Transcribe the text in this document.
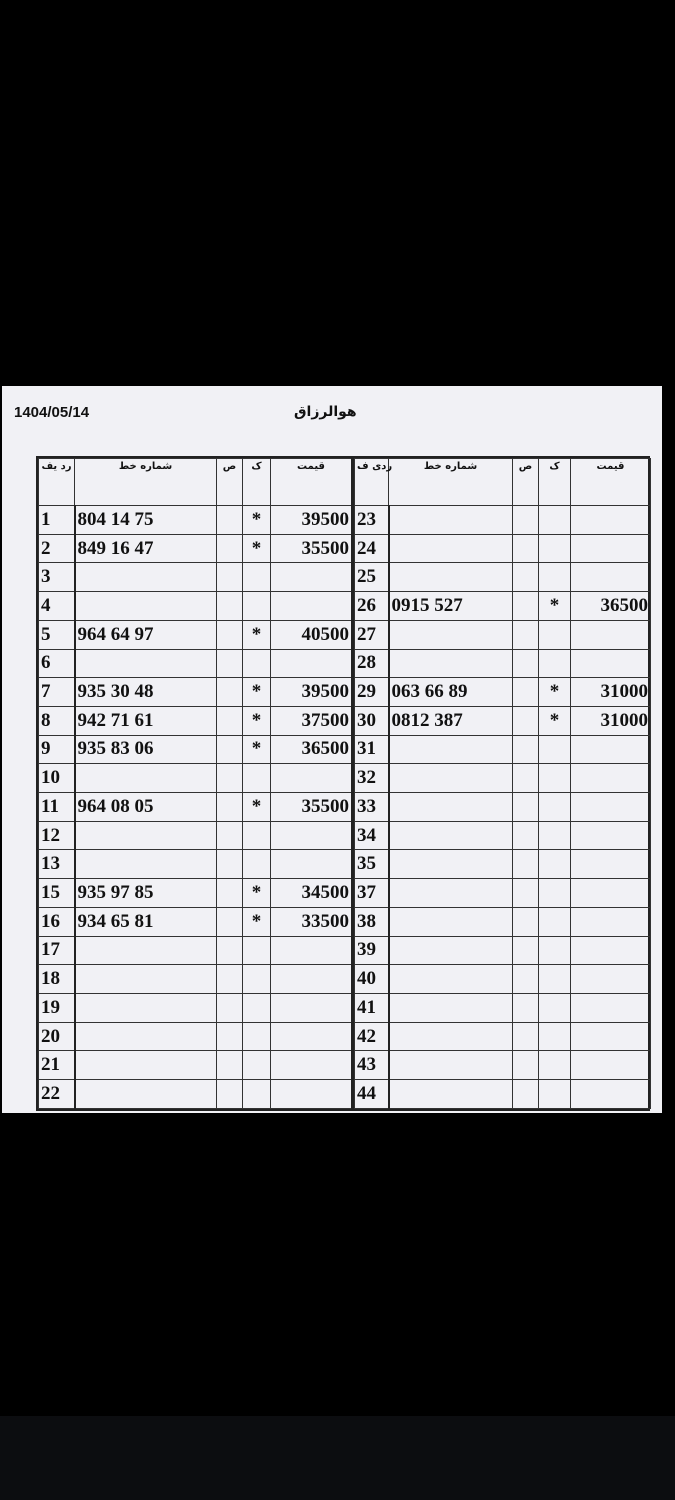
1404/05/14	هوالرزاق
رد یف	شماره خط	ص	ک	قیمت
1	804 14 75		*	39500
2	849 16 47		*	35500
3				
4				
5	964 64 97		*	40500
6				
7	935 30 48		*	39500
8	942 71 61		*	37500
9	935 83 06		*	36500
10				
11	964 08 05		*	35500
12				
13				
15	935 97 85		*	34500
16	934 65 81		*	33500
17				
18				
19				
20				
21				
22				
ردی ف	شماره خط	ص	ک	قیمت
23				
24				
25				
26	0915 527		*	36500
27				
28				
29	063 66 89		*	31000
30	0812 387		*	31000
31				
32				
33				
34				
35				
37				
38				
39				
40				
41				
42				
43				
44				
